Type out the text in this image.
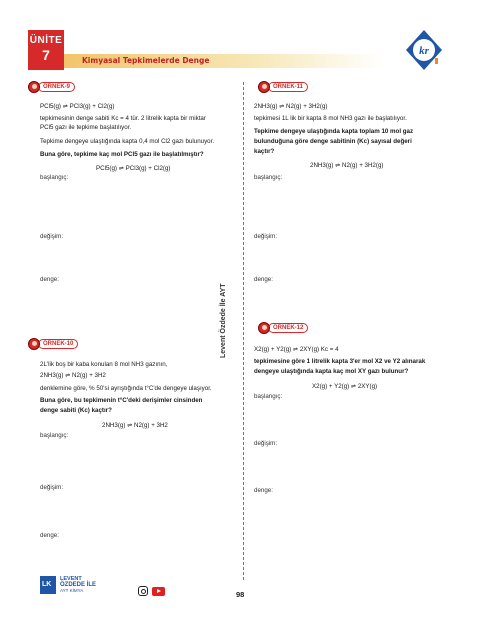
ÜNİTE
7	Kimyasal Tepkimelerde Denge
kr
Levent Özdede İle AYT
ÖRNEK-9
PCl5(g) ⇌ PCl3(g) + Cl2(g)
tepkimesinin denge sabiti Kc = 4 tür. 2 litrelik kapta bir miktar
PCl5 gazı ile tepkime başlatılıyor.
Tepkime dengeye ulaştığında kapta 0,4 mol Cl2 gazı bulunuyor.
Buna göre, tepkime kaç mol PCl5 gazı ile başlatılmıştır?
PCl5(g) ⇌ PCl3(g) + Cl2(g)
başlangıç:
değişim:
denge:
ÖRNEK-10
2L'lik boş bir kaba konulan 8 mol NH3 gazının,
2NH3(g) ⇌ N2(g) + 3H2
denklemine göre, % 50'si ayrıştığında t°C'de dengeye ulaşıyor.
Buna göre, bu tepkimenin t°C'deki derişimler cinsinden
denge sabiti (Kc) kaçtır?
2NH3(g) ⇌ N2(g) + 3H2
başlangıç:
değişim:
denge:
ÖRNEK-11
2NH3(g) ⇌ N2(g) + 3H2(g)
tepkimesi 1L lik bir kapta 8 mol NH3 gazı ile başlatılıyor.
Tepkime dengeye ulaştığında kapta toplam 10 mol gaz
bulunduğuna göre denge sabitinin (Kc) sayısal değeri
kaçtır?
2NH3(g) ⇌ N2(g) + 3H2(g)
başlangıç:
değişim:
denge:
ÖRNEK-12
X2(g) + Y2(g) ⇌ 2XY(g) Kc = 4
tepkimesine göre 1 litrelik kapta 3'er mol X2 ve Y2 alınarak
dengeye ulaştığında kapta kaç mol XY gazı bulunur?
X2(g) + Y2(g) ⇌ 2XY(g)
başlangıç:
değişim:
denge:
LK
LEVENT
ÖZDEDE İLE
AYT KİMYA	98
